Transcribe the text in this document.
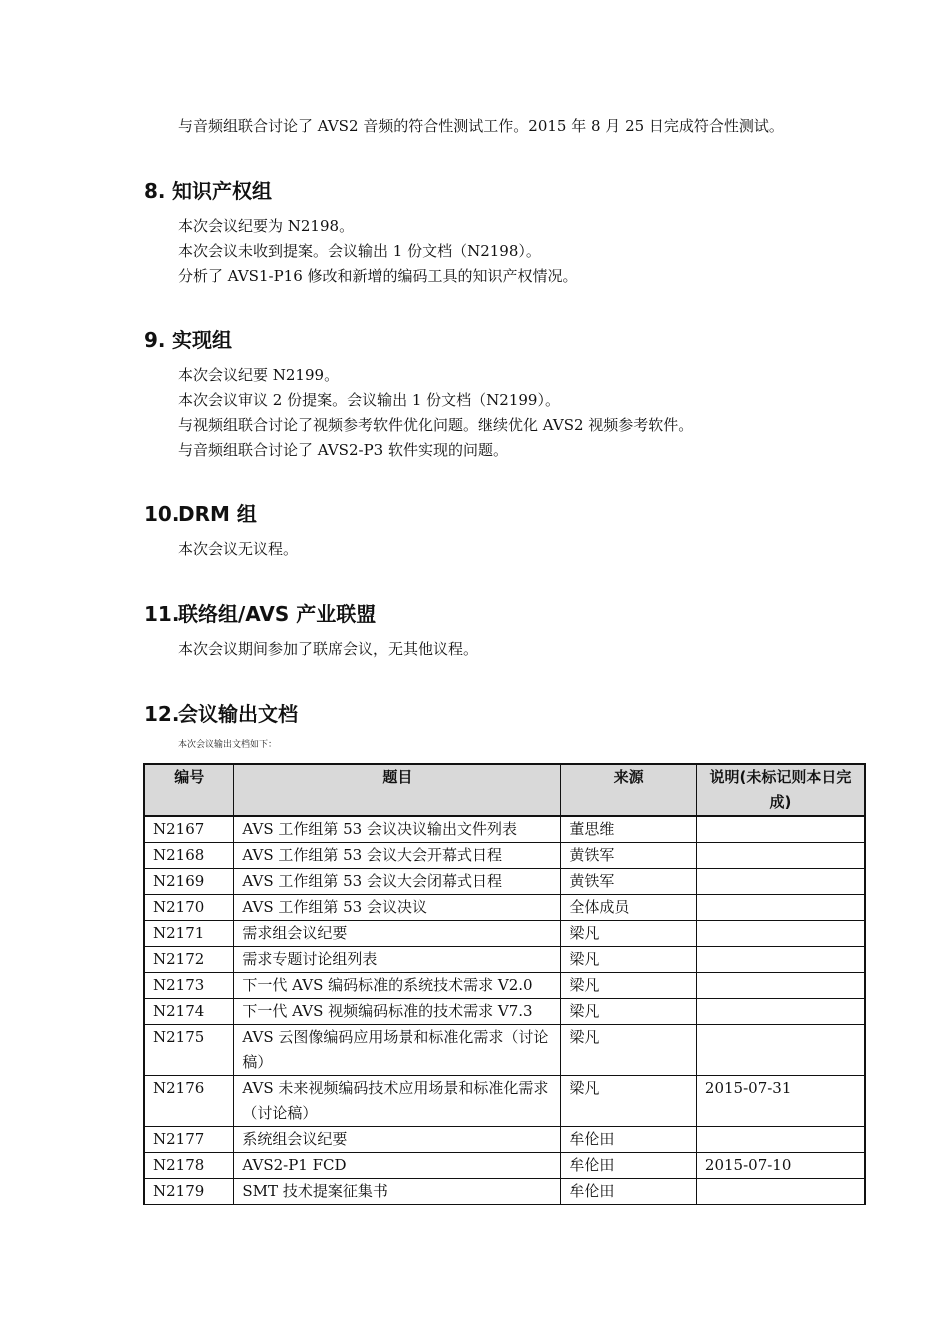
与音频组联合讨论了 AVS2 音频的符合性测试工作。2015 年 8 月 25 日完成符合性测试。
8. 知识产权组
本次会议纪要为 N2198。
本次会议未收到提案。会议输出 1 份文档（N2198）。
分析了 AVS1-P16 修改和新增的编码工具的知识产权情况。
9. 实现组
本次会议纪要 N2199。
本次会议审议 2 份提案。会议输出 1 份文档（N2199）。
与视频组联合讨论了视频参考软件优化问题。继续优化 AVS2 视频参考软件。
与音频组联合讨论了 AVS2-P3 软件实现的问题。
10.DRM 组
本次会议无议程。
11.联络组/AVS 产业联盟
本次会议期间参加了联席会议，无其他议程。
12.会议输出文档
本次会议输出文档如下：
编号	题目	来源	说明(未标记则本日完成)
N2167	AVS 工作组第 53 会议决议输出文件列表	董思维	
N2168	AVS 工作组第 53 会议大会开幕式日程	黄铁军	
N2169	AVS 工作组第 53 会议大会闭幕式日程	黄铁军	
N2170	AVS 工作组第 53 会议决议	全体成员	
N2171	需求组会议纪要	梁凡	
N2172	需求专题讨论组列表	梁凡	
N2173	下一代 AVS 编码标准的系统技术需求 V2.0	梁凡	
N2174	下一代 AVS 视频编码标准的技术需求 V7.3	梁凡	
N2175	AVS 云图像编码应用场景和标准化需求（讨论稿）	梁凡	
N2176	AVS 未来视频编码技术应用场景和标准化需求（讨论稿）	梁凡	2015-07-31
N2177	系统组会议纪要	牟伦田	
N2178	AVS2-P1 FCD	牟伦田	2015-07-10
N2179	SMT 技术提案征集书	牟伦田	
